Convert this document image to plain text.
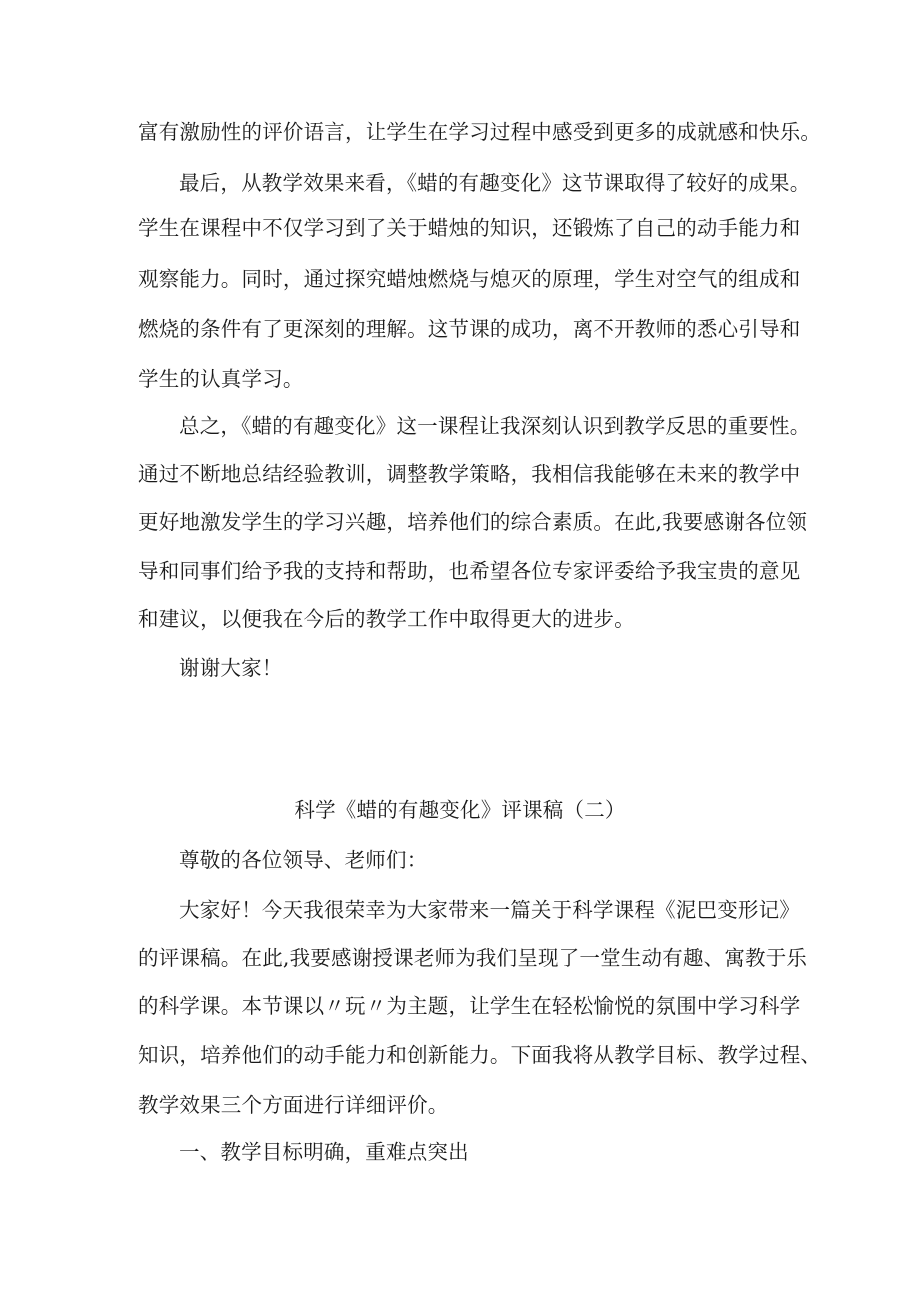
富有激励性的评价语言，让学生在学习过程中感受到更多的成就感和快乐。
最后，从教学效果来看，《蜡的有趣变化》这节课取得了较好的成果。
学生在课程中不仅学习到了关于蜡烛的知识，还锻炼了自己的动手能力和
观察能力。同时，通过探究蜡烛燃烧与熄灭的原理，学生对空气的组成和
燃烧的条件有了更深刻的理解。这节课的成功，离不开教师的悉心引导和
学生的认真学习。
总之，《蜡的有趣变化》这一课程让我深刻认识到教学反思的重要性。
通过不断地总结经验教训，调整教学策略，我相信我能够在未来的教学中
更好地激发学生的学习兴趣，培养他们的综合素质。在此,我要感谢各位领
导和同事们给予我的支持和帮助，也希望各位专家评委给予我宝贵的意见
和建议，以便我在今后的教学工作中取得更大的进步。
谢谢大家！
科学《蜡的有趣变化》评课稿（二）
尊敬的各位领导、老师们：
大家好！今天我很荣幸为大家带来一篇关于科学课程《泥巴变形记》
的评课稿。在此,我要感谢授课老师为我们呈现了一堂生动有趣、寓教于乐
的科学课。本节课以〃玩〃为主题，让学生在轻松愉悦的氛围中学习科学
知识，培养他们的动手能力和创新能力。下面我将从教学目标、教学过程、
教学效果三个方面进行详细评价。
一、教学目标明确，重难点突出
